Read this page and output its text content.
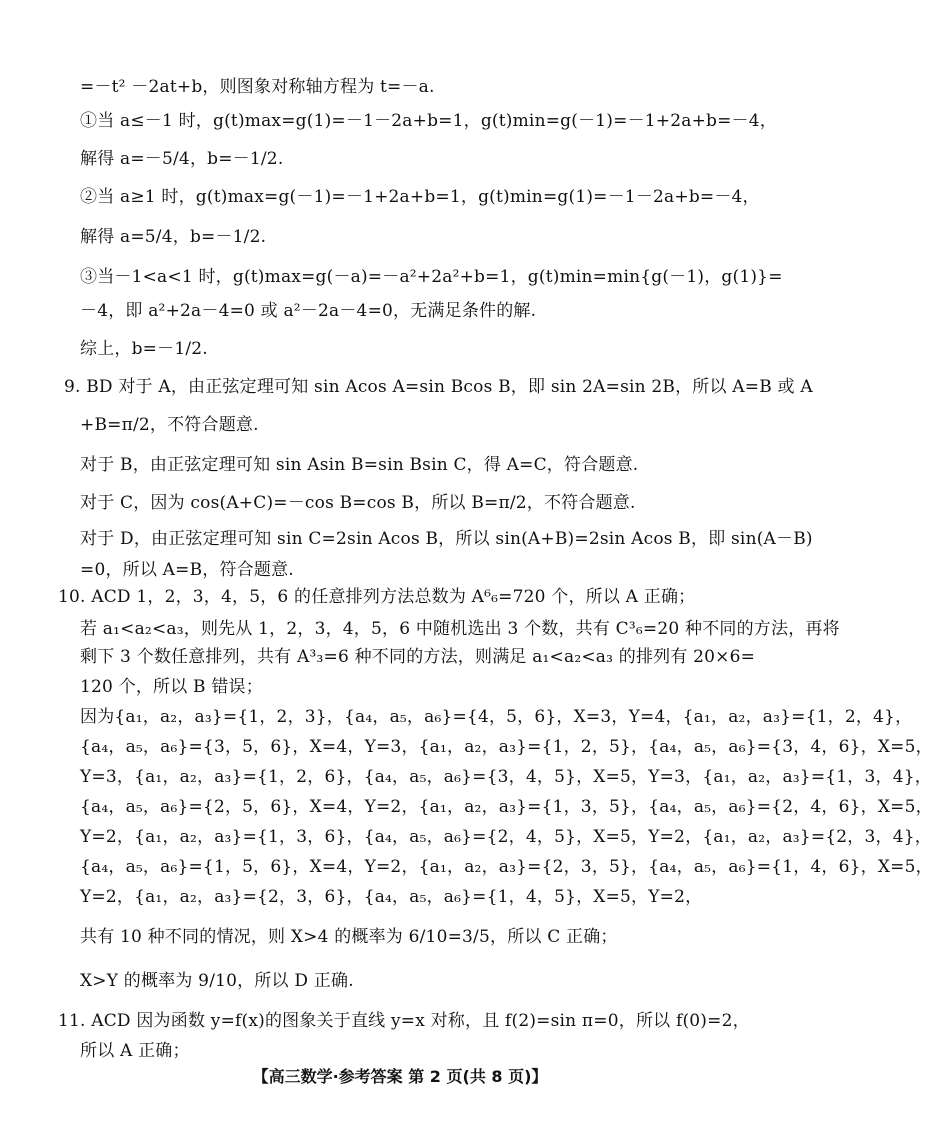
=－t² －2at+b，则图象对称轴方程为 t=－a.
①当 a≤－1 时，g(t)max=g(1)=－1－2a+b=1，g(t)min=g(－1)=－1+2a+b=－4，
解得 a=－5/4，b=－1/2.
②当 a≥1 时，g(t)max=g(－1)=－1+2a+b=1，g(t)min=g(1)=－1－2a+b=－4，
解得 a=5/4，b=－1/2.
③当－1<a<1 时，g(t)max=g(－a)=－a²+2a²+b=1，g(t)min=min{g(－1)，g(1)}=
－4，即 a²+2a－4=0 或 a²－2a－4=0，无满足条件的解.
综上，b=－1/2.
9. BD 对于 A，由正弦定理可知 sin Acos A=sin Bcos B，即 sin 2A=sin 2B，所以 A=B 或 A
+B=π/2，不符合题意.
对于 B，由正弦定理可知 sin Asin B=sin Bsin C，得 A=C，符合题意.
对于 C，因为 cos(A+C)=－cos B=cos B，所以 B=π/2，不符合题意.
对于 D，由正弦定理可知 sin C=2sin Acos B，所以 sin(A+B)=2sin Acos B，即 sin(A－B)
=0，所以 A=B，符合题意.
10. ACD 1，2，3，4，5，6 的任意排列方法总数为 A⁶₆=720 个，所以 A 正确；
若 a₁<a₂<a₃，则先从 1，2，3，4，5，6 中随机选出 3 个数，共有 C³₆=20 种不同的方法，再将
剩下 3 个数任意排列，共有 A³₃=6 种不同的方法，则满足 a₁<a₂<a₃ 的排列有 20×6=
120 个，所以 B 错误；
因为{a₁，a₂，a₃}={1，2，3}，{a₄，a₅，a₆}={4，5，6}，X=3，Y=4，{a₁，a₂，a₃}={1，2，4}，
{a₄，a₅，a₆}={3，5，6}，X=4，Y=3，{a₁，a₂，a₃}={1，2，5}，{a₄，a₅，a₆}={3，4，6}，X=5，
Y=3，{a₁，a₂，a₃}={1，2，6}，{a₄，a₅，a₆}={3，4，5}，X=5，Y=3，{a₁，a₂，a₃}={1，3，4}，
{a₄，a₅，a₆}={2，5，6}，X=4，Y=2，{a₁，a₂，a₃}={1，3，5}，{a₄，a₅，a₆}={2，4，6}，X=5，
Y=2，{a₁，a₂，a₃}={1，3，6}，{a₄，a₅，a₆}={2，4，5}，X=5，Y=2，{a₁，a₂，a₃}={2，3，4}，
{a₄，a₅，a₆}={1，5，6}，X=4，Y=2，{a₁，a₂，a₃}={2，3，5}，{a₄，a₅，a₆}={1，4，6}，X=5，
Y=2，{a₁，a₂，a₃}={2，3，6}，{a₄，a₅，a₆}={1，4，5}，X=5，Y=2，
共有 10 种不同的情况，则 X>4 的概率为 6/10=3/5，所以 C 正确；
X>Y 的概率为 9/10，所以 D 正确.
11. ACD 因为函数 y=f(x)的图象关于直线 y=x 对称，且 f(2)=sin π=0，所以 f(0)=2，
所以 A 正确；
【高三数学·参考答案 第 2 页(共 8 页)】
